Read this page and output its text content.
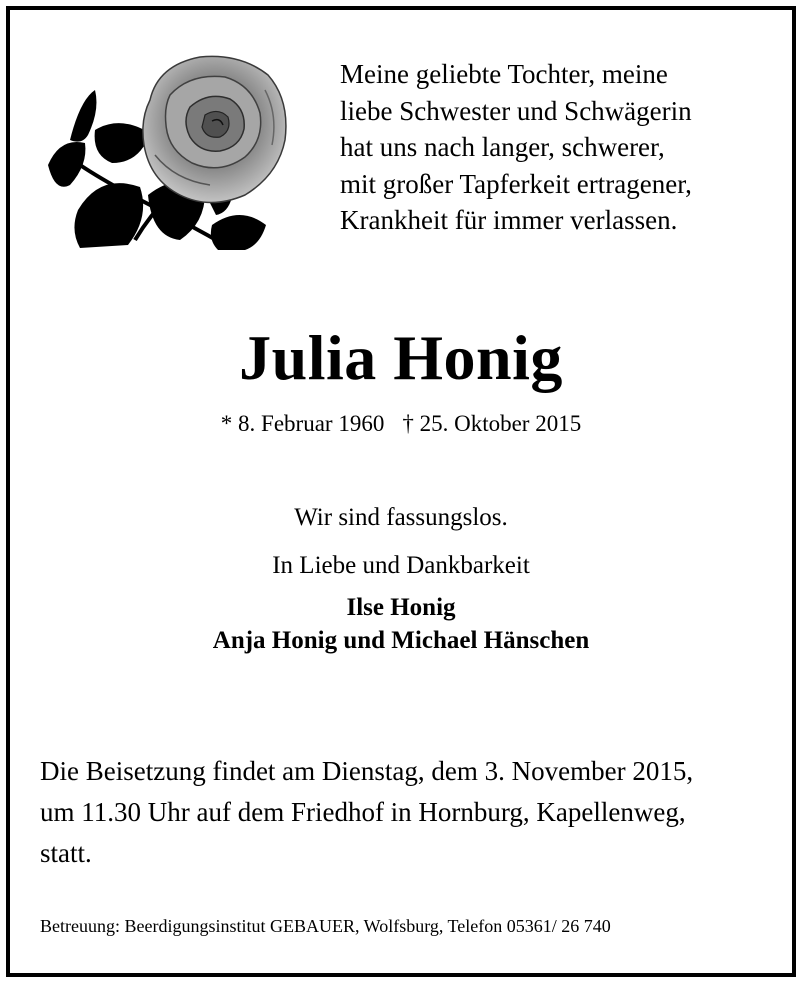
Meine geliebte Tochter, meine
liebe Schwester und Schwägerin
hat uns nach langer, schwerer,
mit großer Tapferkeit ertragener,
Krankheit für immer verlassen.
Julia Honig
* 8. Februar 1960 † 25. Oktober 2015
Wir sind fassungslos.
In Liebe und Dankbarkeit
Ilse Honig
Anja Honig und Michael Hänschen
Die Beisetzung findet am Dienstag, dem 3. November 2015,
um 11.30 Uhr auf dem Friedhof in Hornburg, Kapellenweg,
statt.
Betreuung: Beerdigungsinstitut GEBAUER, Wolfsburg, Telefon 05361/ 26 740
